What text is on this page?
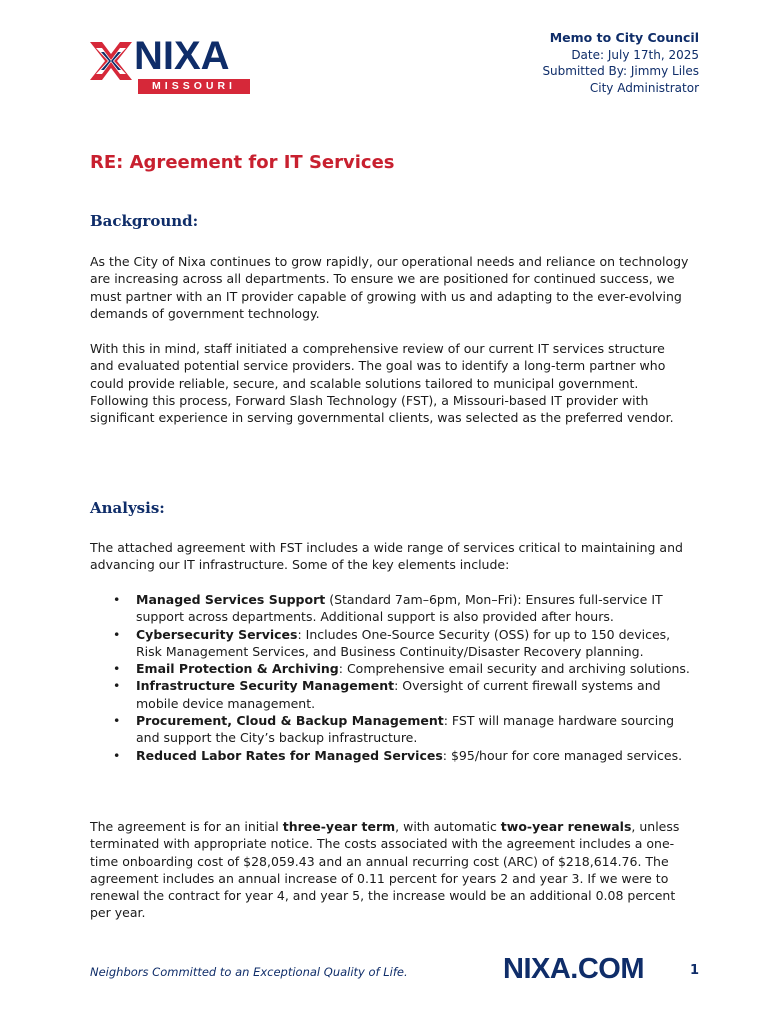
NIXA
MISSOURI
Memo to City Council
Date: July 17th, 2025
Submitted By: Jimmy Liles
City Administrator
RE: Agreement for IT Services
Background:

As the City of Nixa continues to grow rapidly, our operational needs and reliance on technology are increasing across all departments. To ensure we are positioned for continued success, we must partner with an IT provider capable of growing with us and adapting to the ever-evolving demands of government technology.

With this in mind, staff initiated a comprehensive review of our current IT services structure and evaluated potential service providers. The goal was to identify a long-term partner who could provide reliable, secure, and scalable solutions tailored to municipal government. Following this process, Forward Slash Technology (FST), a Missouri-based IT provider with significant experience in serving governmental clients, was selected as the preferred vendor.

Analysis:

The attached agreement with FST includes a wide range of services critical to maintaining and advancing our IT infrastructure. Some of the key elements include:

• Managed Services Support (Standard 7am–6pm, Mon–Fri): Ensures full-service IT support across departments. Additional support is also provided after hours.
• Cybersecurity Services: Includes One-Source Security (OSS) for up to 150 devices, Risk Management Services, and Business Continuity/Disaster Recovery planning.
• Email Protection & Archiving: Comprehensive email security and archiving solutions.
• Infrastructure Security Management: Oversight of current firewall systems and mobile device management.
• Procurement, Cloud & Backup Management: FST will manage hardware sourcing and support the City’s backup infrastructure.
• Reduced Labor Rates for Managed Services: $95/hour for core managed services.

The agreement is for an initial three-year term, with automatic two-year renewals, unless terminated with appropriate notice. The costs associated with the agreement includes a one-time onboarding cost of $28,059.43 and an annual recurring cost (ARC) of $218,614.76. The agreement includes an annual increase of 0.11 percent for years 2 and year 3. If we were to renewal the contract for year 4, and year 5, the increase would be an additional 0.08 percent per year.

Neighbors Committed to an Exceptional Quality of Life.	NIXA.COM	1
